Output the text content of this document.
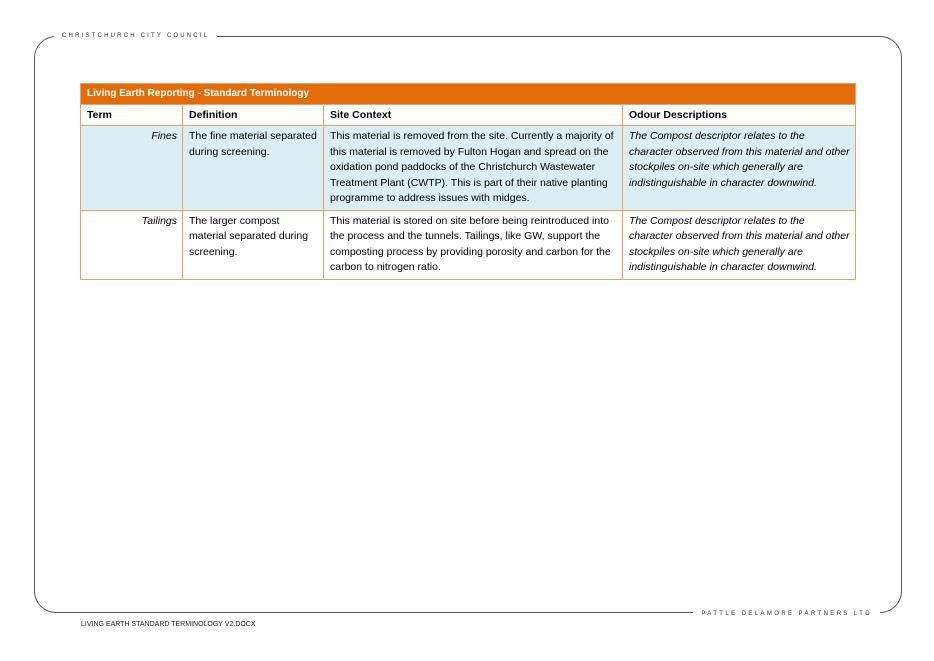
CHRISTCHURCH CITY COUNCIL
Living Earth Reporting - Standard Terminology			
Term	Definition	Site Context	Odour Descriptions
Fines	The fine material separated during screening.	This material is removed from the site. Currently a majority of this material is removed by Fulton Hogan and spread on the oxidation pond paddocks of the Christchurch Wastewater Treatment Plant (CWTP). This is part of their native planting programme to address issues with midges.	The Compost descriptor relates to the character observed from this material and other stockpiles on-site which generally are indistinguishable in character downwind.
Tailings	The larger compost material separated during screening.	This material is stored on site before being reintroduced into the process and the tunnels. Tailings, like GW, support the composting process by providing porosity and carbon for the carbon to nitrogen ratio.	The Compost descriptor relates to the character observed from this material and other stockpiles on-site which generally are indistinguishable in character downwind.
PATTLE DELAMORE PARTNERS LTD
LIVING EARTH STANDARD TERMINOLOGY V2.DOCX
